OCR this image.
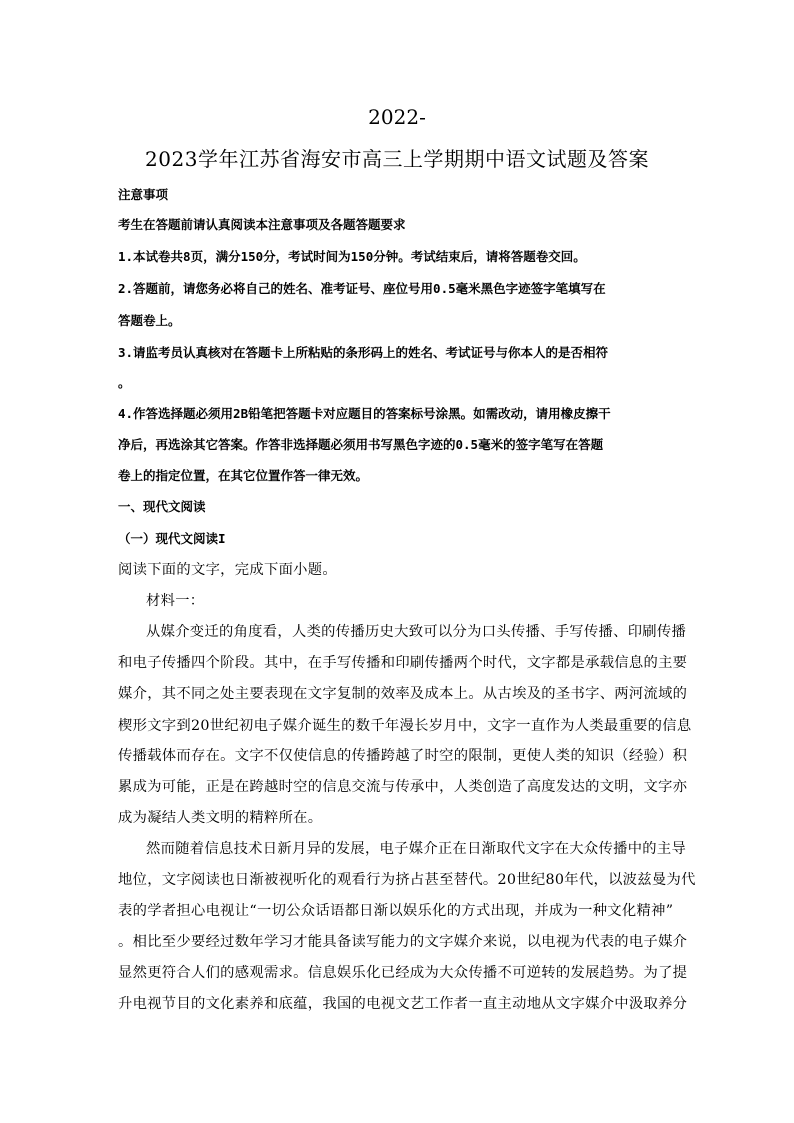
2022-
2023学年江苏省海安市高三上学期期中语文试题及答案
注意事项
考生在答题前请认真阅读本注意事项及各题答题要求
1.本试卷共8页，满分150分，考试时间为150分钟。考试结束后，请将答题卷交回。
2.答题前，请您务必将自己的姓名、准考证号、座位号用0.5毫米黑色字迹签字笔填写在
答题卷上。
3.请监考员认真核对在答题卡上所粘贴的条形码上的姓名、考试证号与你本人的是否相符
。
4.作答选择题必须用2B铅笔把答题卡对应题目的答案标号涂黑。如需改动，请用橡皮擦干
净后，再选涂其它答案。作答非选择题必须用书写黑色字迹的0.5毫米的签字笔写在答题
卷上的指定位置，在其它位置作答一律无效。
一、现代文阅读
（一）现代文阅读I
阅读下面的文字，完成下面小题。
材料一：
从媒介变迁的角度看，人类的传播历史大致可以分为口头传播、手写传播、印刷传播
和电子传播四个阶段。其中，在手写传播和印刷传播两个时代，文字都是承载信息的主要
媒介，其不同之处主要表现在文字复制的效率及成本上。从古埃及的圣书字、两河流域的
楔形文字到20世纪初电子媒介诞生的数千年漫长岁月中，文字一直作为人类最重要的信息
传播载体而存在。文字不仅使信息的传播跨越了时空的限制，更使人类的知识（经验）积
累成为可能，正是在跨越时空的信息交流与传承中，人类创造了高度发达的文明，文字亦
成为凝结人类文明的精粹所在。
然而随着信息技术日新月异的发展，电子媒介正在日渐取代文字在大众传播中的主导
地位，文字阅读也日渐被视听化的观看行为挤占甚至替代。20世纪80年代，以波兹曼为代
表的学者担心电视让“一切公众话语都日渐以娱乐化的方式出现，并成为一种文化精神”
。相比至少要经过数年学习才能具备读写能力的文字媒介来说，以电视为代表的电子媒介
显然更符合人们的感观需求。信息娱乐化已经成为大众传播不可逆转的发展趋势。为了提
升电视节目的文化素养和底蕴，我国的电视文艺工作者一直主动地从文字媒介中汲取养分
